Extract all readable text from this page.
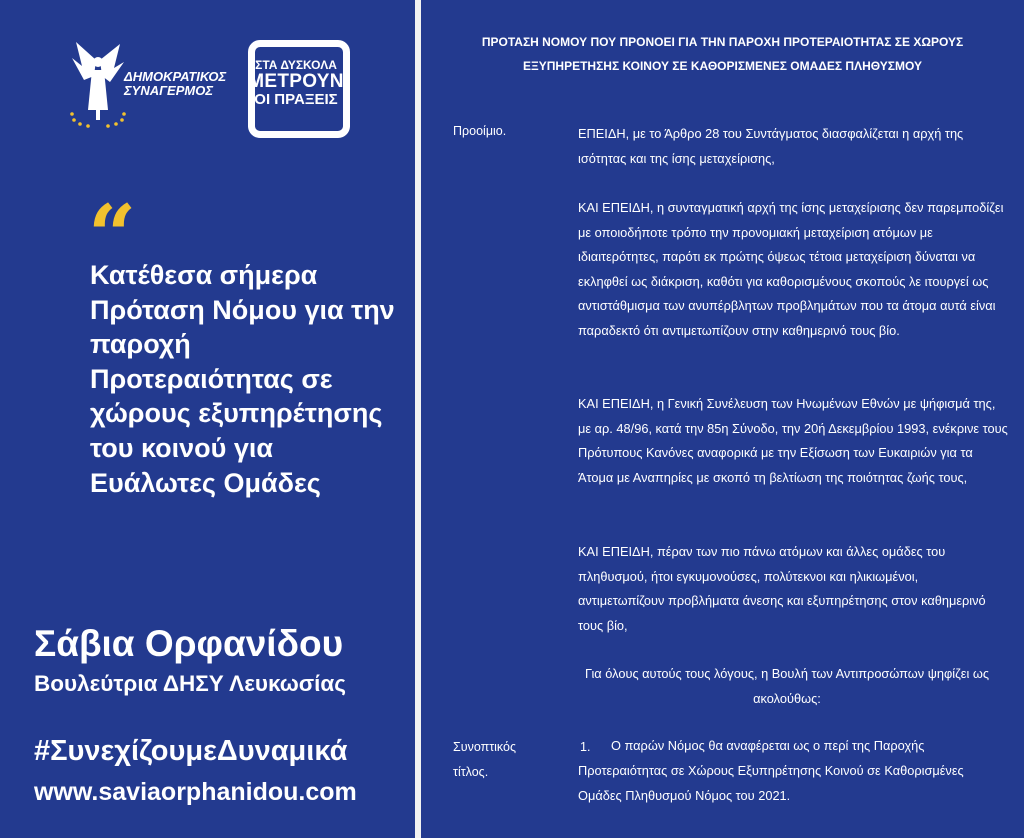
ΔΗΜΟΚΡΑΤΙΚΟΣ
ΣΥΝΑΓΕΡΜΟΣ
ΣΤΑ ΔΥΣΚΟΛΑ
ΜΕΤΡΟΥΝ
ΟΙ ΠΡΑΞΕΙΣ
“
Κατέθεσα σήμερα Πρόταση Νόμου για την παροχή Προτεραιότητας σε χώρους εξυπηρέτησης του κοινού για Ευάλωτες Ομάδες
Σάβια Ορφανίδου
Βουλεύτρια ΔΗΣΥ Λευκωσίας
#ΣυνεχίζουμεΔυναμικά
www.saviaorphanidou.com
ΠΡΟΤΑΣΗ ΝΟΜΟΥ ΠΟΥ ΠΡΟΝΟΕΙ ΓΙΑ ΤΗΝ ΠΑΡΟΧΗ ΠΡΟΤΕΡΑΙΟΤΗΤΑΣ ΣΕ ΧΩΡΟΥΣ ΕΞΥΠΗΡΕΤΗΣΗΣ ΚΟΙΝΟΥ ΣΕ ΚΑΘΟΡΙΣΜΕΝΕΣ ΟΜΑΔΕΣ ΠΛΗΘΥΣΜΟΥ
Προοίμιο.	ΕΠΕΙΔΗ, με το Άρθρο 28 του Συντάγματος διασφαλίζεται η αρχή της ισότητας και της ίσης μεταχείρισης,
ΚΑΙ ΕΠΕΙΔΗ, η συνταγματική αρχή της ίσης μεταχείρισης δεν παρεμποδίζει με οποιοδήποτε τρόπο την προνομιακή μεταχείριση ατόμων με ιδιαιτερότητες, παρότι εκ πρώτης όψεως τέτοια μεταχείριση δύναται να εκληφθεί ως διάκριση, καθότι για καθορισμένους σκοπούς λε ιτουργεί ως αντιστάθμισμα των ανυπέρβλητων προβλημάτων που τα άτομα αυτά είναι παραδεκτό ότι αντιμετωπίζουν στην καθημερινό τους βίο.
ΚΑΙ ΕΠΕΙΔΗ, η Γενική Συνέλευση των Ηνωμένων Εθνών με ψήφισμά της, με αρ. 48/96, κατά την 85η Σύνοδο, την 20ή Δεκεμβρίου 1993, ενέκρινε τους Πρότυπους Κανόνες αναφορικά με την Εξίσωση των Ευκαιριών για τα Άτομα με Αναπηρίες με σκοπό τη βελτίωση της ποιότητας ζωής τους,
ΚΑΙ ΕΠΕΙΔΗ, πέραν των πιο πάνω ατόμων και άλλες ομάδες του πληθυσμού, ήτοι εγκυμονούσες, πολύτεκνοι και ηλικιωμένοι, αντιμετωπίζουν προβλήματα άνεσης και εξυπηρέτησης στον καθημερινό τους βίο,
Για όλους αυτούς τους λόγους, η Βουλή των Αντιπροσώπων ψηφίζει ως ακολούθως:
Συνοπτικός
τίτλος.
1. Ο παρών Νόμος θα αναφέρεται ως ο περί της Παροχής
Προτεραιότητας σε Χώρους Εξυπηρέτησης Κοινού σε Καθορισμένες Ομάδες Πληθυσμού Νόμος του 2021.
